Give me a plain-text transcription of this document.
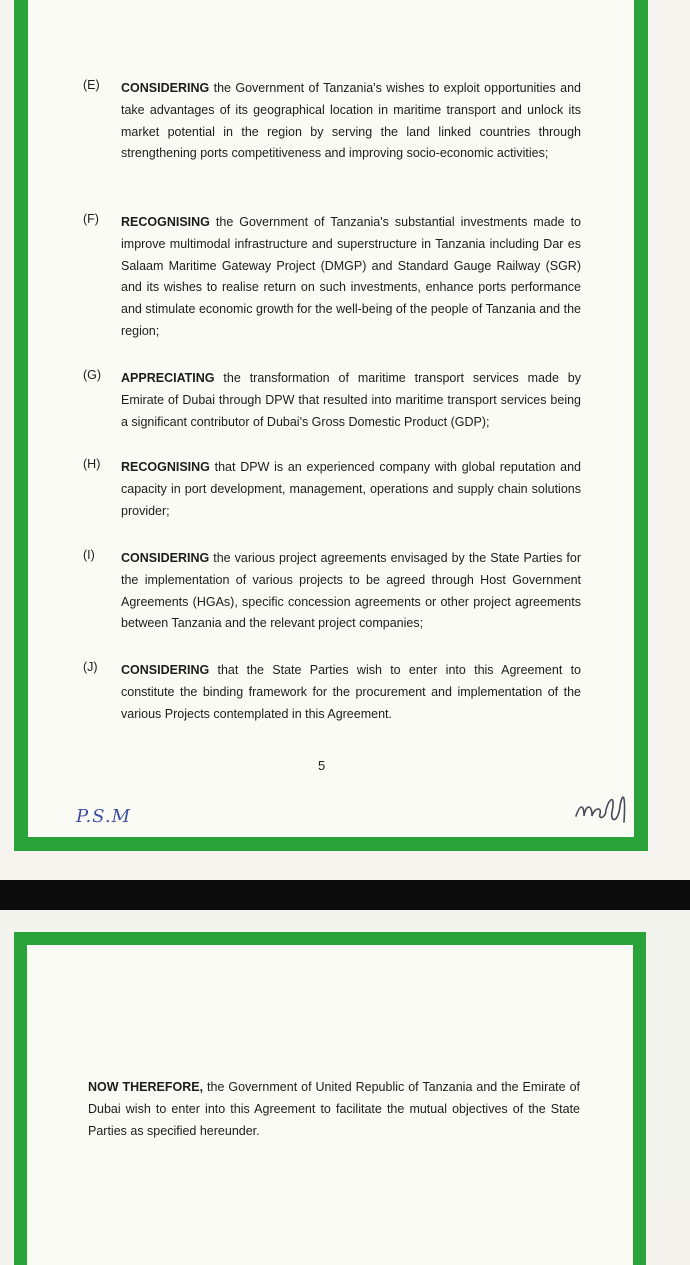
(E) CONSIDERING the Government of Tanzania's wishes to exploit opportunities and take advantages of its geographical location in maritime transport and unlock its market potential in the region by serving the land linked countries through strengthening ports competitiveness and improving socio-economic activities;
(F) RECOGNISING the Government of Tanzania's substantial investments made to improve multimodal infrastructure and superstructure in Tanzania including Dar es Salaam Maritime Gateway Project (DMGP) and Standard Gauge Railway (SGR) and its wishes to realise return on such investments, enhance ports performance and stimulate economic growth for the well-being of the people of Tanzania and the region;
(G) APPRECIATING the transformation of maritime transport services made by Emirate of Dubai through DPW that resulted into maritime transport services being a significant contributor of Dubai's Gross Domestic Product (GDP);
(H) RECOGNISING that DPW is an experienced company with global reputation and capacity in port development, management, operations and supply chain solutions provider;
(I) CONSIDERING the various project agreements envisaged by the State Parties for the implementation of various projects to be agreed through Host Government Agreements (HGAs), specific concession agreements or other project agreements between Tanzania and the relevant project companies;
(J) CONSIDERING that the State Parties wish to enter into this Agreement to constitute the binding framework for the procurement and implementation of the various Projects contemplated in this Agreement.
5
P.S.M
NOW THEREFORE, the Government of United Republic of Tanzania and the Emirate of Dubai wish to enter into this Agreement to facilitate the mutual objectives of the State Parties as specified hereunder.
